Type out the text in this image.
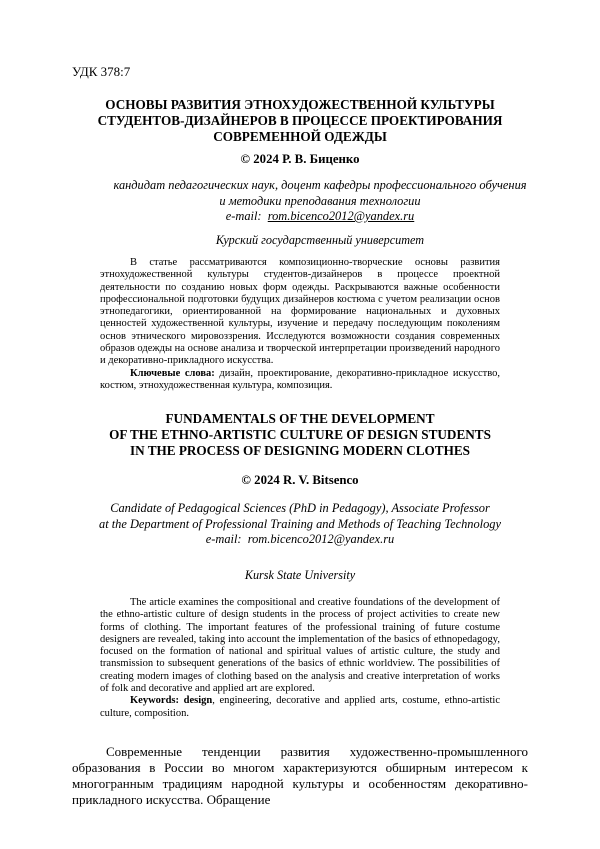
УДК 378:7
ОСНОВЫ РАЗВИТИЯ ЭТНОХУДОЖЕСТВЕННОЙ КУЛЬТУРЫ
СТУДЕНТОВ-ДИЗАЙНЕРОВ В ПРОЦЕССЕ ПРОЕКТИРОВАНИЯ
СОВРЕМЕННОЙ ОДЕЖДЫ
© 2024 Р. В. Биценко
кандидат педагогических наук, доцент кафедры профессионального обучения
и методики преподавания технологии
e-mail: rom.bicenco2012@yandex.ru
Курский государственный университет

В статье рассматриваются композиционно-творческие основы развития этнохудожественной культуры студентов-дизайнеров в процессе проектной деятельности по созданию новых форм одежды. Раскрываются важные особенности профессиональной подготовки будущих дизайнеров костюма с учетом реализации основ этнопедагогики, ориентированной на формирование национальных и духовных ценностей художественной культуры, изучение и передачу последующим поколениям основ этнического мировоззрения. Исследуются возможности создания современных образов одежды на основе анализа и творческой интерпретации произведений народного и декоративно-прикладного искусства.

Ключевые слова: дизайн, проектирование, декоративно-прикладное искусство, костюм, этнохудожественная культура, композиция.

FUNDAMENTALS OF THE DEVELOPMENT
OF THE ETHNO-ARTISTIC CULTURE OF DESIGN STUDENTS
IN THE PROCESS OF DESIGNING MODERN CLOTHES
© 2024 R. V. Bitsenco
Candidate of Pedagogical Sciences (PhD in Pedagogy), Associate Professor
at the Department of Professional Training and Methods of Teaching Technology
e-mail: rom.bicenco2012@yandex.ru
Kursk State University

The article examines the compositional and creative foundations of the development of the ethno-artistic culture of design students in the process of project activities to create new forms of clothing. The important features of the professional training of future costume designers are revealed, taking into account the implementation of the basics of ethnopedagogy, focused on the formation of national and spiritual values of artistic culture, the study and transmission to subsequent generations of the basics of ethnic worldview. The possibilities of creating modern images of clothing based on the analysis and creative interpretation of works of folk and decorative and applied art are explored.

Keywords: design, engineering, decorative and applied arts, costume, ethno-artistic culture, composition.

Современные тенденции развития художественно-промышленного образования в России во многом характеризуются обширным интересом к многогранным традициям народной культуры и особенностям декоративно-прикладного искусства. Обращение
